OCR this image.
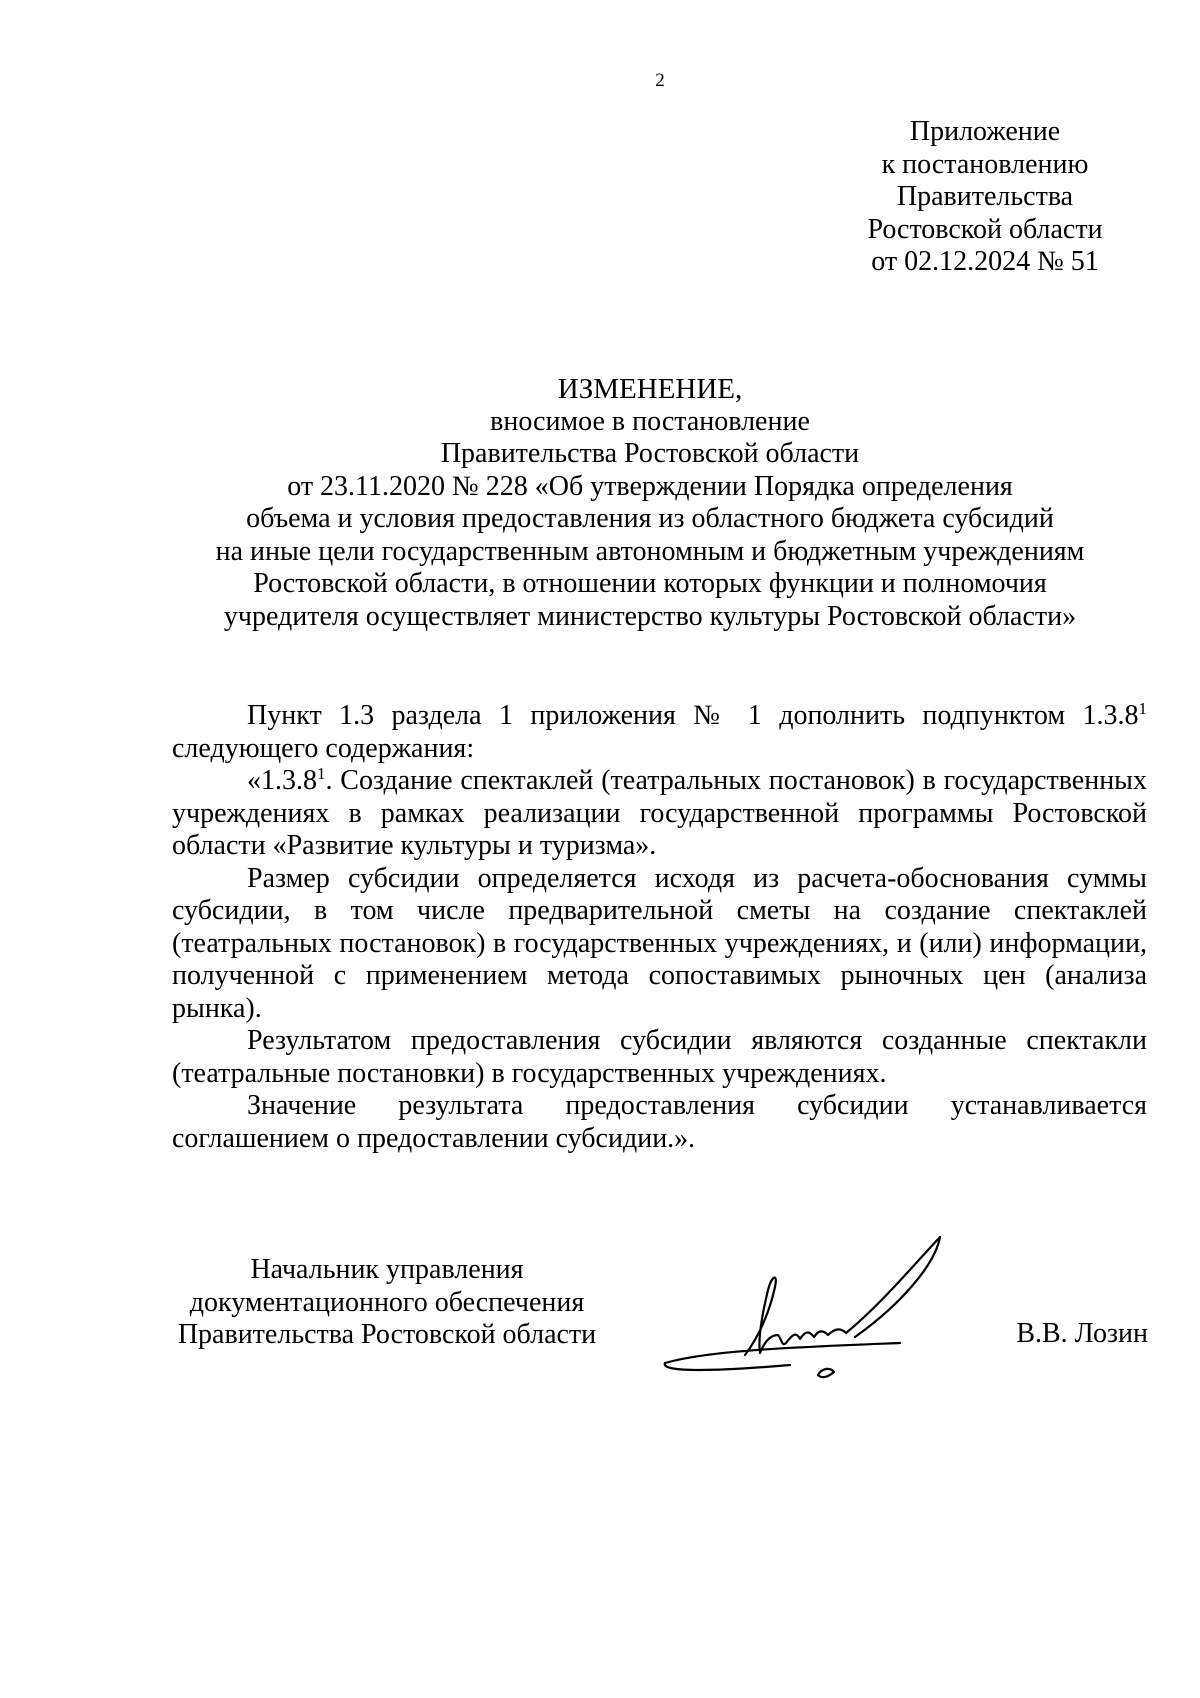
2
Приложение
к постановлению
Правительства
Ростовской области
от 02.12.2024 № 51
ИЗМЕНЕНИЕ,
вносимое в постановление
Правительства Ростовской области
от 23.11.2020 № 228 «Об утверждении Порядка определения
объема и условия предоставления из областного бюджета субсидий
на иные цели государственным автономным и бюджетным учреждениям
Ростовской области, в отношении которых функции и полномочия
учредителя осуществляет министерство культуры Ростовской области»

Пункт 1.3 раздела 1 приложения № 1 дополнить подпунктом 1.3.8$^1$ следующего содержания:

«1.3.8$^1$. Создание спектаклей (театральных постановок) в государственных учреждениях в рамках реализации государственной программы Ростовской области «Развитие культуры и туризма».

Размер субсидии определяется исходя из расчета-обоснования суммы субсидии, в том числе предварительной сметы на создание спектаклей (театральных постановок) в государственных учреждениях, и (или) информации, полученной с применением метода сопоставимых рыночных цен (анализа рынка).

Результатом предоставления субсидии являются созданные спектакли (театральные постановки) в государственных учреждениях.

Значение результата предоставления субсидии устанавливается соглашением о предоставлении субсидии.».

Начальник управления
документационного обеспечения
Правительства Ростовской области	В.В. Лозин
